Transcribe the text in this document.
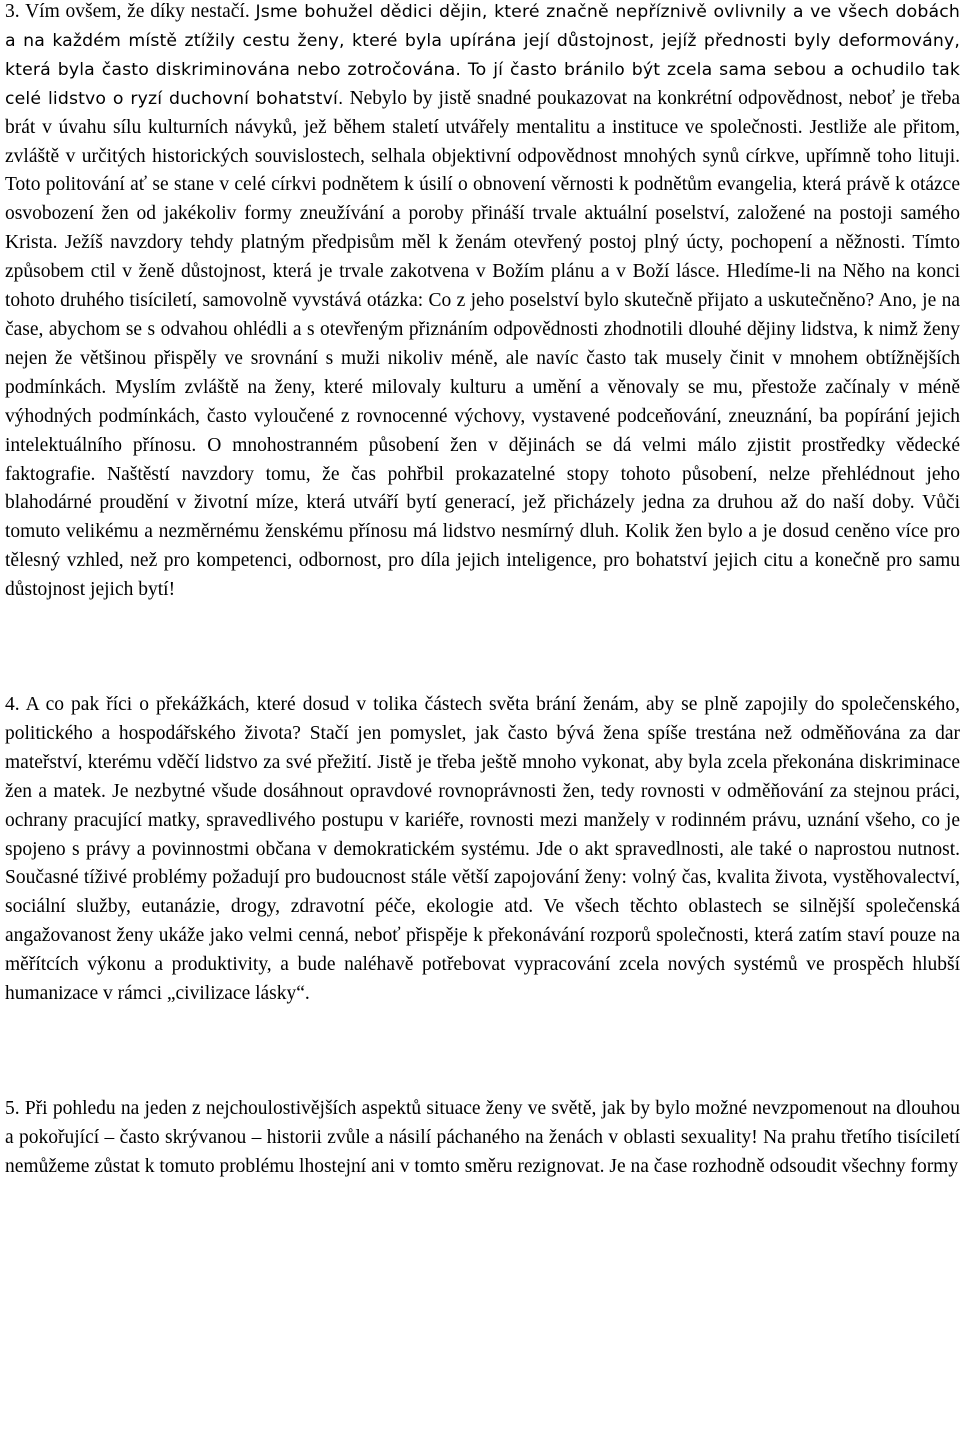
3. Vím ovšem, že díky nestačí. Jsme bohužel dědici dějin, které značně nepříznivě ovlivnily a ve všech dobách a na každém místě ztížily cestu ženy, které byla upírána její důstojnost, jejíž přednosti byly deformovány, která byla často diskriminována nebo zotročována. To jí často bránilo být zcela sama sebou a ochudilo tak celé lidstvo o ryzí duchovní bohatství. Nebylo by jistě snadné poukazovat na konkrétní odpovědnost, neboť je třeba brát v úvahu sílu kulturních návyků, jež během staletí utvářely mentalitu a instituce ve společnosti. Jestliže ale přitom, zvláště v určitých historických souvislostech, selhala objektivní odpovědnost mnohých synů církve, upřímně toho lituji. Toto politování ať se stane v celé církvi podnětem k úsilí o obnovení věrnosti k podnětům evangelia, která právě k otázce osvobození žen od jakékoliv formy zneužívání a poroby přináší trvale aktuální poselství, založené na postoji samého Krista. Ježíš navzdory tehdy platným předpisům měl k ženám otevřený postoj plný úcty, pochopení a něžnosti. Tímto způsobem ctil v ženě důstojnost, která je trvale zakotvena v Božím plánu a v Boží lásce. Hledíme-li na Něho na konci tohoto druhého tisíciletí, samovolně vyvstává otázka: Co z jeho poselství bylo skutečně přijato a uskutečněno? Ano, je na čase, abychom se s odvahou ohlédli a s otevřeným přiznáním odpovědnosti zhodnotili dlouhé dějiny lidstva, k nimž ženy nejen že většinou přispěly ve srovnání s muži nikoliv méně, ale navíc často tak musely činit v mnohem obtížnějších podmínkách. Myslím zvláště na ženy, které milovaly kulturu a umění a věnovaly se mu, přestože začínaly v méně výhodných podmínkách, často vyloučené z rovnocenné výchovy, vystavené podceňování, zneuznání, ba popírání jejich intelektuálního přínosu. O mnohostranném působení žen v dějinách se dá velmi málo zjistit prostředky vědecké faktografie. Naštěstí navzdory tomu, že čas pohřbil prokazatelné stopy tohoto působení, nelze přehlédnout jeho blahodárné proudění v životní míze, která utváří bytí generací, jež přicházely jedna za druhou až do naší doby. Vůči tomuto velikému a nezměrnému ženskému přínosu má lidstvo nesmírný dluh. Kolik žen bylo a je dosud ceněno více pro tělesný vzhled, než pro kompetenci, odbornost, pro díla jejich inteligence, pro bohatství jejich citu a konečně pro samu důstojnost jejich bytí!

4. A co pak říci o překážkách, které dosud v tolika částech světa brání ženám, aby se plně zapojily do společenského, politického a hospodářského života? Stačí jen pomyslet, jak často bývá žena spíše trestána než odměňována za dar mateřství, kterému vděčí lidstvo za své přežití. Jistě je třeba ještě mnoho vykonat, aby byla zcela překonána diskriminace žen a matek. Je nezbytné všude dosáhnout opravdové rovnoprávnosti žen, tedy rovnosti v odměňování za stejnou práci, ochrany pracující matky, spravedlivého postupu v kariéře, rovnosti mezi manžely v rodinném právu, uznání všeho, co je spojeno s právy a povinnostmi občana v demokratickém systému. Jde o akt spravedlnosti, ale také o naprostou nutnost. Současné tíživé problémy požadují pro budoucnost stále větší zapojování ženy: volný čas, kvalita života, vystěhovalectví, sociální služby, eutanázie, drogy, zdravotní péče, ekologie atd. Ve všech těchto oblastech se silnější společenská angažovanost ženy ukáže jako velmi cenná, neboť přispěje k překonávání rozporů společnosti, která zatím staví pouze na měřítcích výkonu a produktivity, a bude naléhavě potřebovat vypracování zcela nových systémů ve prospěch hlubší humanizace v rámci „civilizace lásky“.

5. Při pohledu na jeden z nejchoulostivějších aspektů situace ženy ve světě, jak by bylo možné nevzpomenout na dlouhou a pokořující – často skrývanou – historii zvůle a násilí páchaného na ženách v oblasti sexuality! Na prahu třetího tisíciletí nemůžeme zůstat k tomuto problému lhostejní ani v tomto směru rezignovat. Je na čase rozhodně odsoudit všechny formy
